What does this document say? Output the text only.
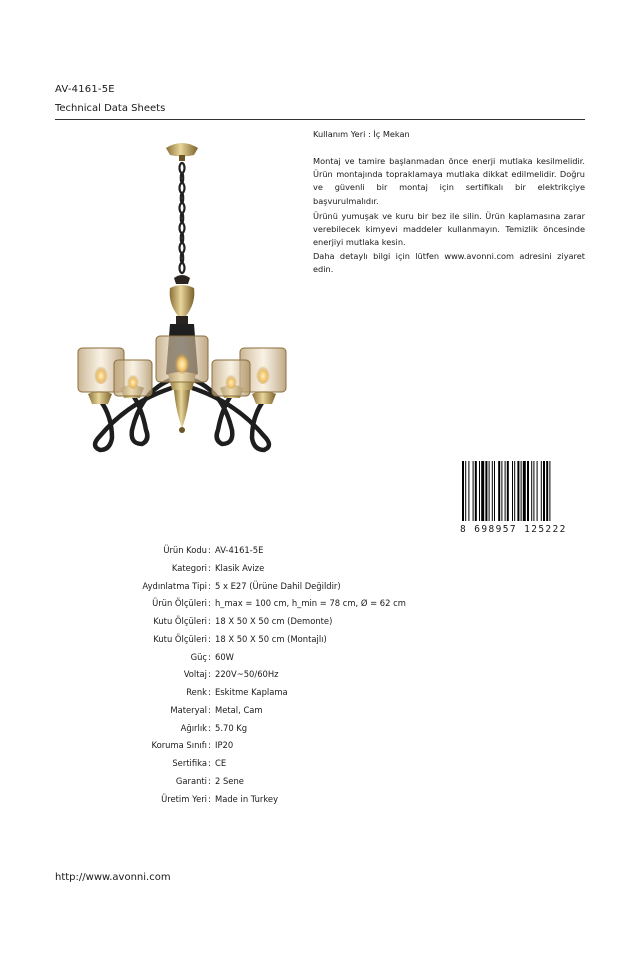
AV-4161-5E
Technical Data Sheets

Kullanım Yeri : İç Mekan

Montaj ve tamire başlanmadan önce enerji mutlaka kesilmelidir. Ürün montajında topraklamaya mutlaka dikkat edilmelidir. Doğru ve güvenli bir montaj için sertifikalı bir elektrikçiye başvurulmalıdır.

Ürünü yumuşak ve kuru bir bez ile silin. Ürün kaplamasına zarar verebilecek kimyevi maddeler kullanmayın. Temizlik öncesinde enerjiyi mutlaka kesin.

Daha detaylı bilgi için lütfen www.avonni.com adresini ziyaret edin.

8 698957 125222
Ürün Kodu : AV-4161-5E
Kategori : Klasik Avize
Aydınlatma Tipi : 5 x E27 (Ürüne Dahil Değildir)
Ürün Ölçüleri : h_max = 100 cm, h_min = 78 cm, Ø = 62 cm
Kutu Ölçüleri : 18 X 50 X 50 cm (Demonte)
Kutu Ölçüleri : 18 X 50 X 50 cm (Montajlı)
Güç : 60W
Voltaj : 220V~50/60Hz
Renk : Eskitme Kaplama
Materyal : Metal, Cam
Ağırlık : 5.70 Kg
Koruma Sınıfı : IP20
Sertifika : CE
Garanti : 2 Sene
Üretim Yeri : Made in Turkey
http://www.avonni.com
